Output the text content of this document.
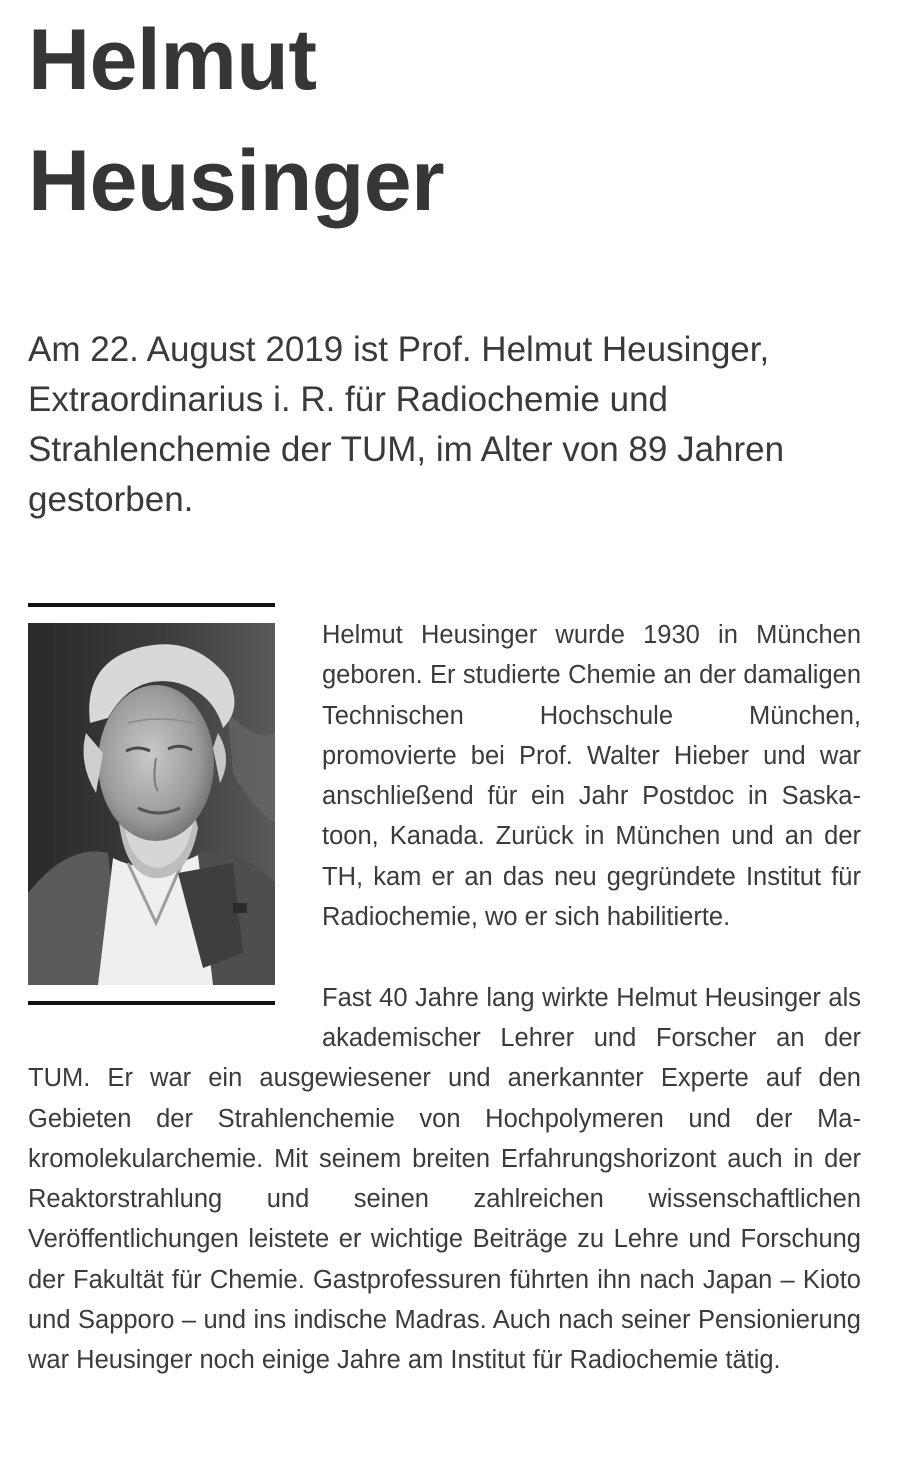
Helmut
Heusinger

Am 22. August 2019 ist Prof. Helmut Heusinger, Extraordinarius i. R. für Radiochemie und Strahlenchemie der TUM, im Alter von 89 Jahren gestorben.

Helmut Heusinger wurde 1930 in München geboren. Er studierte Chemie an der damaligen Technischen Hochschule München, promovierte bei Prof. Walter Hieber und war anschließend für ein Jahr Postdoc in Saskatoon, Kanada. Zurück in München und an der TH, kam er an das neu gegründete Institut für Radiochemie, wo er sich habilitierte.

Fast 40 Jahre lang wirkte Helmut Heusinger als akademischer Lehrer und Forscher an der TUM. Er war ein ausgewiesener und anerkannter Experte auf den Gebieten der Strahlenchemie von Hochpolymeren und der Makromolekularchemie. Mit seinem breiten Erfahrungshorizont auch in der Reaktorstrahlung und seinen zahlreichen wissenschaftlichen Veröffentlichungen leistete er wichtige Beiträge zu Lehre und Forschung der Fakultät für Chemie. Gastprofessuren führten ihn nach Japan – Kioto und Sapporo – und ins indische Madras. Auch nach seiner Pensionierung war Heusinger noch einige Jahre am Institut für Radiochemie tätig.
